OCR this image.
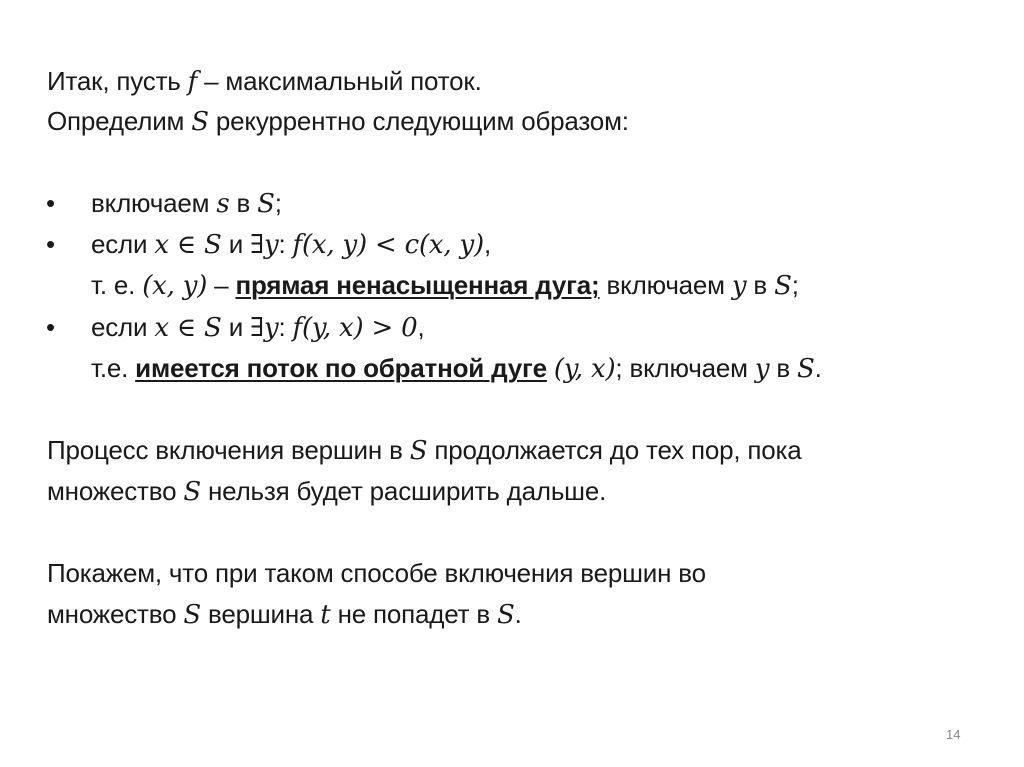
Итак, пусть f – максимальный поток.
Определим S рекуррентно следующим образом:
• включаем s в S;
• если x ∈ S и ∃y: f(x, y) < c(x, y),
т. е. (x, y) – прямая ненасыщенная дуга; включаем y в S;
• если x ∈ S и ∃y: f(y, x) > 0,
т.е. имеется поток по обратной дуге (y, x); включаем y в S.
Процесс включения вершин в S продолжается до тех пор, пока
множество S нельзя будет расширить дальше.
Покажем, что при таком способе включения вершин во
множество S вершина t не попадет в S.
14
